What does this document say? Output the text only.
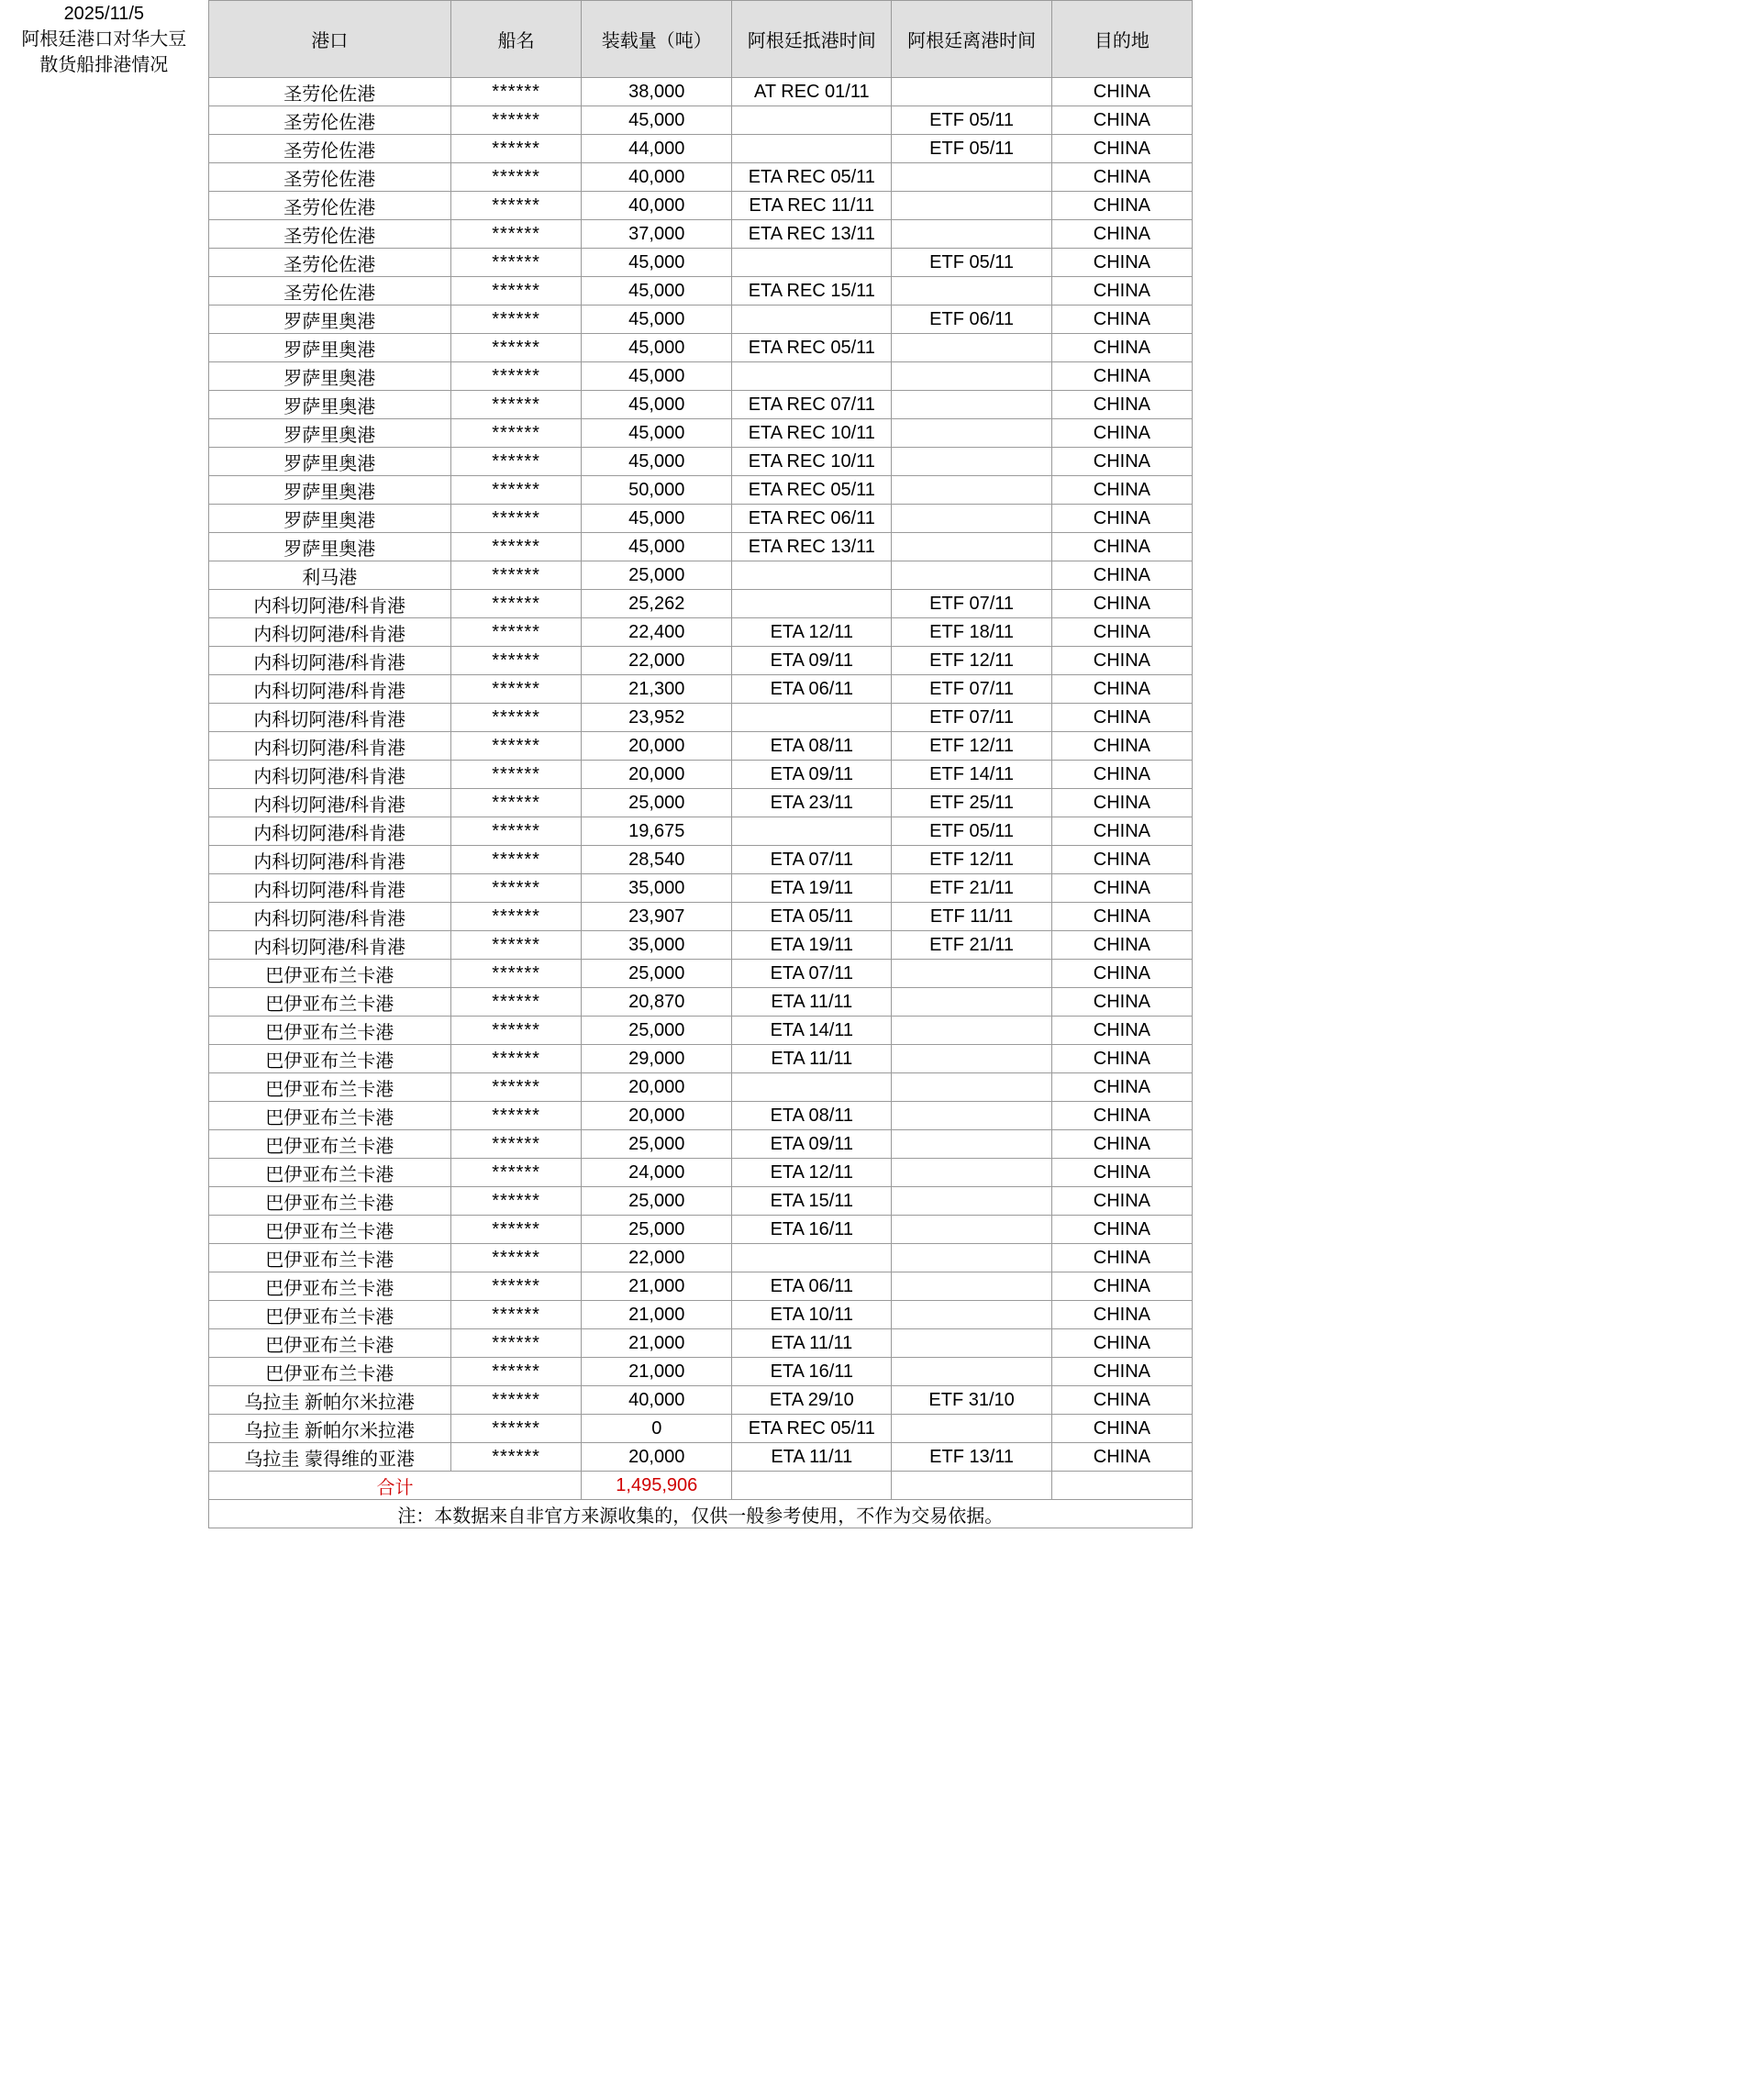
2025/11/5
阿根廷港口对华大豆
散货船排港情况	港口	船名	装载量（吨）	阿根廷抵港时间	阿根廷离港时间	目的地
	圣劳伦佐港	******	38,000	AT REC 01/11		CHINA
	圣劳伦佐港	******	45,000		ETF 05/11	CHINA
	圣劳伦佐港	******	44,000		ETF 05/11	CHINA
	圣劳伦佐港	******	40,000	ETA REC 05/11		CHINA
	圣劳伦佐港	******	40,000	ETA REC 11/11		CHINA
	圣劳伦佐港	******	37,000	ETA REC 13/11		CHINA
	圣劳伦佐港	******	45,000		ETF 05/11	CHINA
	圣劳伦佐港	******	45,000	ETA REC 15/11		CHINA
	罗萨里奥港	******	45,000		ETF 06/11	CHINA
	罗萨里奥港	******	45,000	ETA REC 05/11		CHINA
	罗萨里奥港	******	45,000			CHINA
	罗萨里奥港	******	45,000	ETA REC 07/11		CHINA
	罗萨里奥港	******	45,000	ETA REC 10/11		CHINA
	罗萨里奥港	******	45,000	ETA REC 10/11		CHINA
	罗萨里奥港	******	50,000	ETA REC 05/11		CHINA
	罗萨里奥港	******	45,000	ETA REC 06/11		CHINA
	罗萨里奥港	******	45,000	ETA REC 13/11		CHINA
	利马港	******	25,000			CHINA
	内科切阿港/科肯港	******	25,262		ETF 07/11	CHINA
	内科切阿港/科肯港	******	22,400	ETA 12/11	ETF 18/11	CHINA
	内科切阿港/科肯港	******	22,000	ETA 09/11	ETF 12/11	CHINA
	内科切阿港/科肯港	******	21,300	ETA 06/11	ETF 07/11	CHINA
	内科切阿港/科肯港	******	23,952		ETF 07/11	CHINA
	内科切阿港/科肯港	******	20,000	ETA 08/11	ETF 12/11	CHINA
	内科切阿港/科肯港	******	20,000	ETA 09/11	ETF 14/11	CHINA
	内科切阿港/科肯港	******	25,000	ETA 23/11	ETF 25/11	CHINA
	内科切阿港/科肯港	******	19,675		ETF 05/11	CHINA
	内科切阿港/科肯港	******	28,540	ETA 07/11	ETF 12/11	CHINA
	内科切阿港/科肯港	******	35,000	ETA 19/11	ETF 21/11	CHINA
	内科切阿港/科肯港	******	23,907	ETA 05/11	ETF 11/11	CHINA
	内科切阿港/科肯港	******	35,000	ETA 19/11	ETF 21/11	CHINA
	巴伊亚布兰卡港	******	25,000	ETA 07/11		CHINA
	巴伊亚布兰卡港	******	20,870	ETA 11/11		CHINA
	巴伊亚布兰卡港	******	25,000	ETA 14/11		CHINA
	巴伊亚布兰卡港	******	29,000	ETA 11/11		CHINA
	巴伊亚布兰卡港	******	20,000			CHINA
	巴伊亚布兰卡港	******	20,000	ETA 08/11		CHINA
	巴伊亚布兰卡港	******	25,000	ETA 09/11		CHINA
	巴伊亚布兰卡港	******	24,000	ETA 12/11		CHINA
	巴伊亚布兰卡港	******	25,000	ETA 15/11		CHINA
	巴伊亚布兰卡港	******	25,000	ETA 16/11		CHINA
	巴伊亚布兰卡港	******	22,000			CHINA
	巴伊亚布兰卡港	******	21,000	ETA 06/11		CHINA
	巴伊亚布兰卡港	******	21,000	ETA 10/11		CHINA
	巴伊亚布兰卡港	******	21,000	ETA 11/11		CHINA
	巴伊亚布兰卡港	******	21,000	ETA 16/11		CHINA
	乌拉圭 新帕尔米拉港	******	40,000	ETA 29/10	ETF 31/10	CHINA
	乌拉圭 新帕尔米拉港	******	0	ETA REC 05/11		CHINA
	乌拉圭 蒙得维的亚港	******	20,000	ETA 11/11	ETF 13/11	CHINA
	合计		1,495,906			
	注：本数据来自非官方来源收集的，仅供一般参考使用，不作为交易依据。					
